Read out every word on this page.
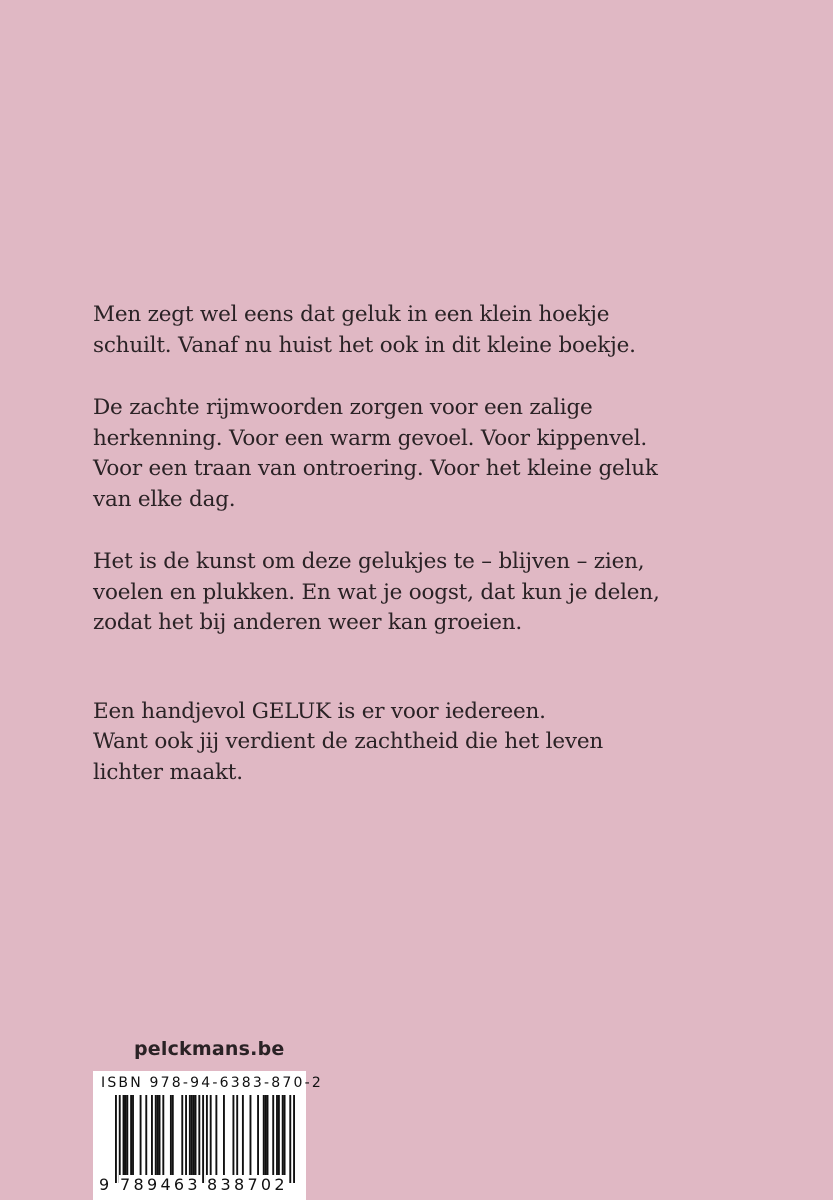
Men zegt wel eens dat geluk in een klein hoekje
schuilt. Vanaf nu huist het ook in dit kleine boekje.

De zachte rijmwoorden zorgen voor een zalige
herkenning. Voor een warm gevoel. Voor kippenvel.
Voor een traan van ontroering. Voor het kleine geluk
van elke dag.

Het is de kunst om deze gelukjes te – blijven – zien,
voelen en plukken. En wat je oogst, dat kun je delen,
zodat het bij anderen weer kan groeien.

Een handjevol GELUK is er voor iedereen.
Want ook jij verdient de zachtheid die het leven
lichter maakt.

pelckmans.be
ISBN 978-94-6383-870-2
9 789463 838702
